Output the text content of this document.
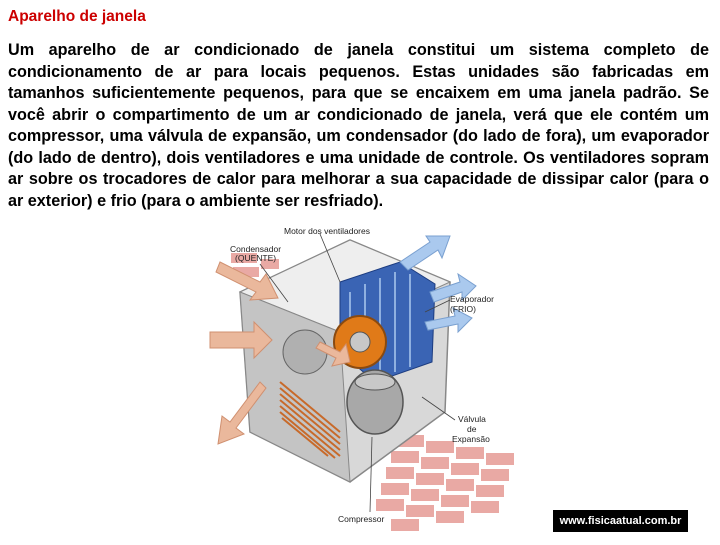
Aparelho de janela
Um aparelho de ar condicionado de janela constitui um sistema completo de condicionamento de ar para locais pequenos. Estas unidades são fabricadas em tamanhos suficientemente pequenos, para que se encaixem em uma janela padrão. Se você abrir o compartimento de um ar condicionado de janela, verá que ele contém um compressor, uma válvula de expansão, um condensador (do lado de fora), um evaporador (do lado de dentro), dois ventiladores e uma unidade de controle. Os ventiladores sopram ar sobre os trocadores de calor para melhorar a sua capacidade de dissipar calor (para o ar exterior) e frio (para o ambiente ser resfriado).
Motor dos ventiladores
Condensador
(QUENTE)
Evaporador
(FRIO)
Válvula
de
Expansão
Compressor	www.fisicaatual.com.br
